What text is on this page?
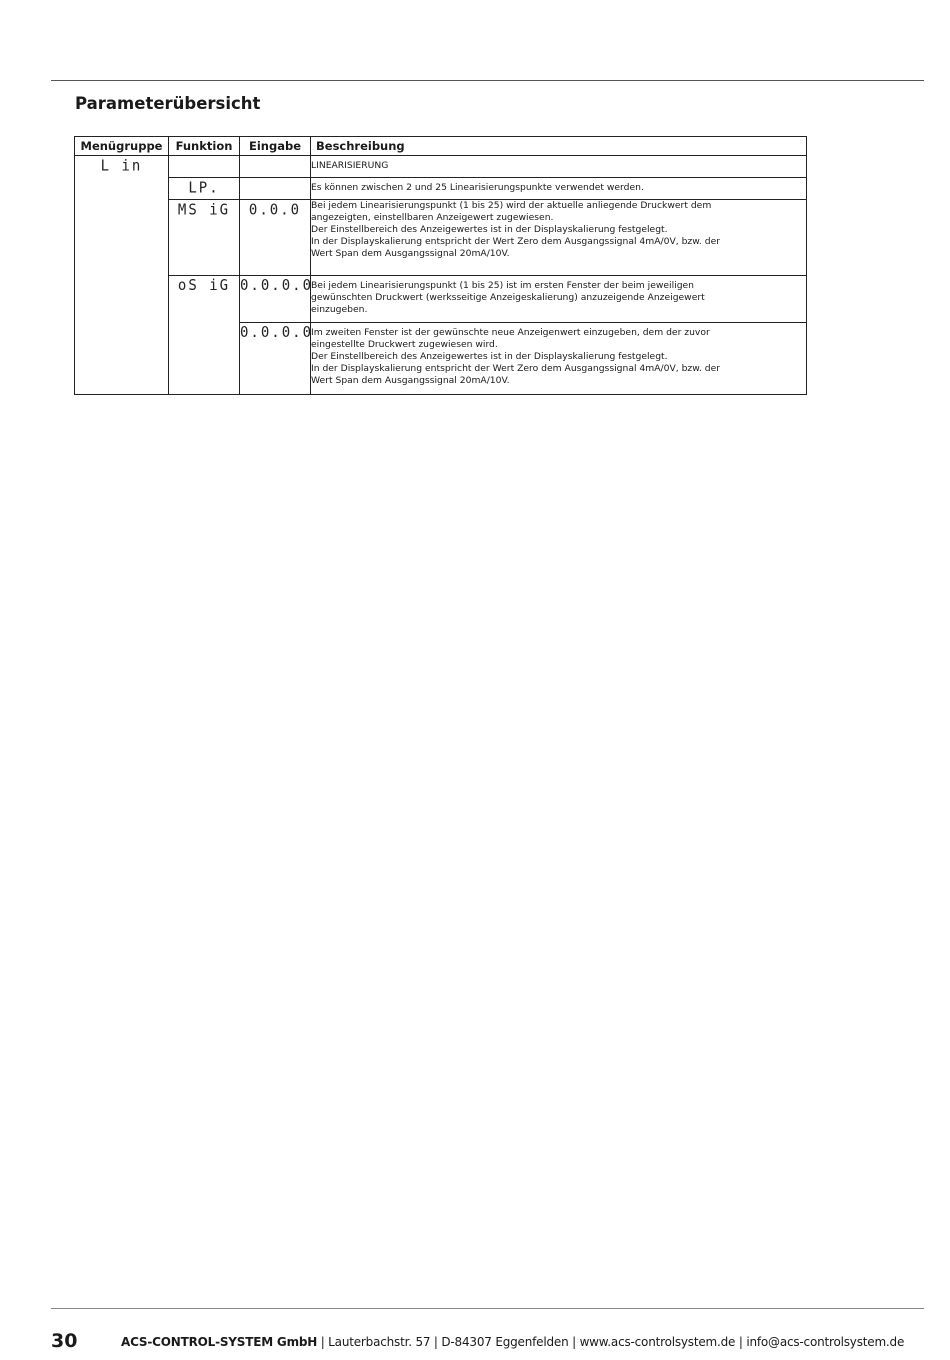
Parameterübersicht
Menügruppe	Funktion	Eingabe	Beschreibung

L in			LINEARISIERUNG

	LP.		Es können zwischen 2 und 25 Linearisierungspunkte verwendet werden.

	MS iG	0.0.0	Bei jedem Linearisierungspunkt (1 bis 25) wird der aktuelle anliegende Druckwert dem
angezeigten, einstellbaren Anzeigewert zugewiesen.
Der Einstellbereich des Anzeigewertes ist in der Displayskalierung festgelegt.
In der Displayskalierung entspricht der Wert Zero dem Ausgangssignal 4mA/0V, bzw. der
Wert Span dem Ausgangssignal 20mA/10V.

	oS iG	0.0.0.0	Bei jedem Linearisierungspunkt (1 bis 25) ist im ersten Fenster der beim jeweiligen
gewünschten Druckwert (werksseitige Anzeigeskalierung) anzuzeigende Anzeigewert
einzugeben.

		0.0.0.0	Im zweiten Fenster ist der gewünschte neue Anzeigenwert einzugeben, dem der zuvor
eingestellte Druckwert zugewiesen wird.
Der Einstellbereich des Anzeigewertes ist in der Displayskalierung festgelegt.
In der Displayskalierung entspricht der Wert Zero dem Ausgangssignal 4mA/0V, bzw. der
Wert Span dem Ausgangssignal 20mA/10V.
30	ACS-CONTROL-SYSTEM GmbH | Lauterbachstr. 57 | D-84307 Eggenfelden | www.acs-controlsystem.de | info@acs-controlsystem.de
